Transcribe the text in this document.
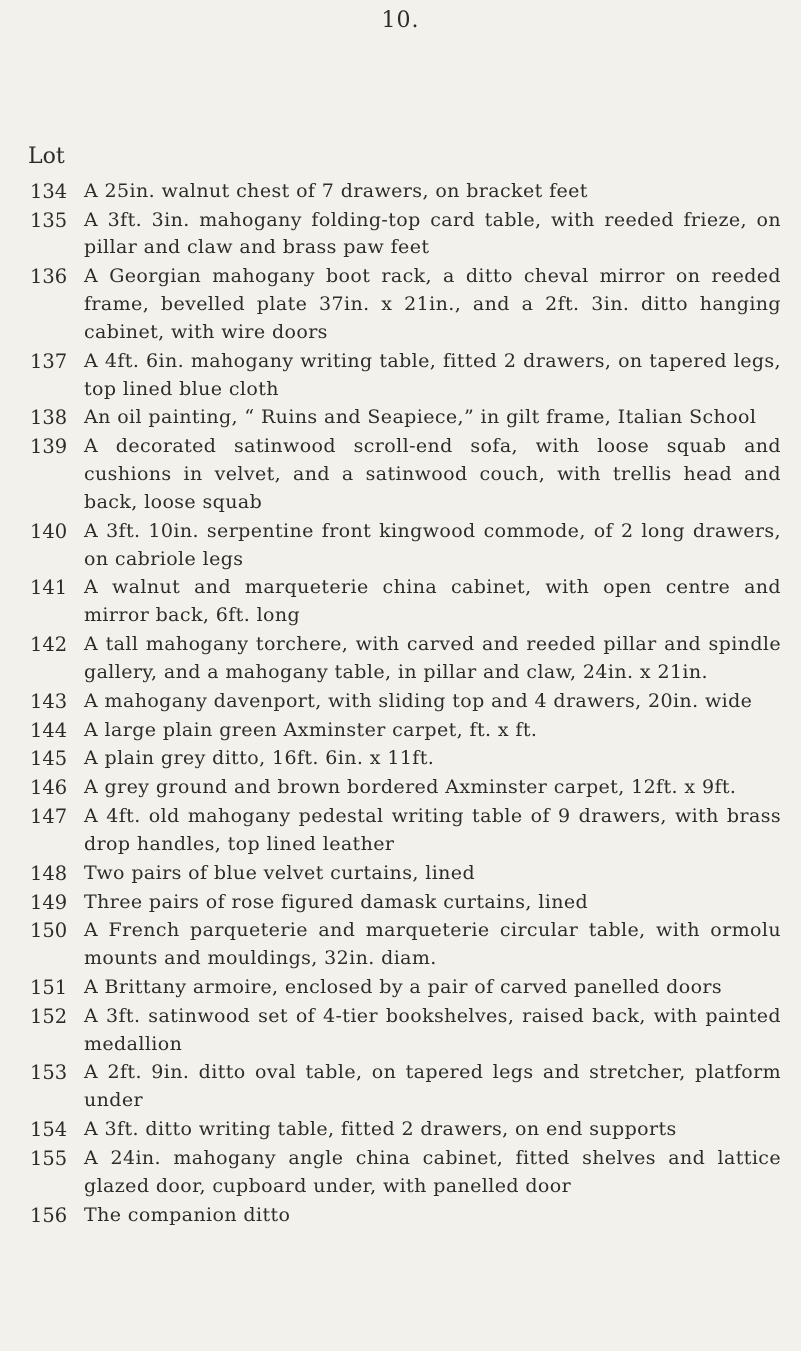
10.
Lot
134 A 25in. walnut chest of 7 drawers, on bracket feet
135 A 3ft. 3in. mahogany folding-top card table, with reeded frieze, on pillar and claw and brass paw feet
136 A Georgian mahogany boot rack, a ditto cheval mirror on reeded frame, bevelled plate 37in. x 21in., and a 2ft. 3in. ditto hanging cabinet, with wire doors
137 A 4ft. 6in. mahogany writing table, fitted 2 drawers, on tapered legs, top lined blue cloth
138 An oil painting, “ Ruins and Seapiece,” in gilt frame, Italian School
139 A decorated satinwood scroll-end sofa, with loose squab and cushions in velvet, and a satinwood couch, with trellis head and back, loose squab
140 A 3ft. 10in. serpentine front kingwood commode, of 2 long drawers, on cabriole legs
141 A walnut and marqueterie china cabinet, with open centre and mirror back, 6ft. long
142 A tall mahogany torchere, with carved and reeded pillar and spindle gallery, and a mahogany table, in pillar and claw, 24in. x 21in.
143 A mahogany davenport, with sliding top and 4 drawers, 20in. wide
144 A large plain green Axminster carpet, ft. x ft.
145 A plain grey ditto, 16ft. 6in. x 11ft.
146 A grey ground and brown bordered Axminster carpet, 12ft. x 9ft.
147 A 4ft. old mahogany pedestal writing table of 9 drawers, with brass drop handles, top lined leather
148 Two pairs of blue velvet curtains, lined
149 Three pairs of rose figured damask curtains, lined
150 A French parqueterie and marqueterie circular table, with ormolu mounts and mouldings, 32in. diam.
151 A Brittany armoire, enclosed by a pair of carved panelled doors
152 A 3ft. satinwood set of 4-tier bookshelves, raised back, with painted medallion
153 A 2ft. 9in. ditto oval table, on tapered legs and stretcher, platform under
154 A 3ft. ditto writing table, fitted 2 drawers, on end supports
155 A 24in. mahogany angle china cabinet, fitted shelves and lattice glazed door, cupboard under, with panelled door
156 The companion ditto
